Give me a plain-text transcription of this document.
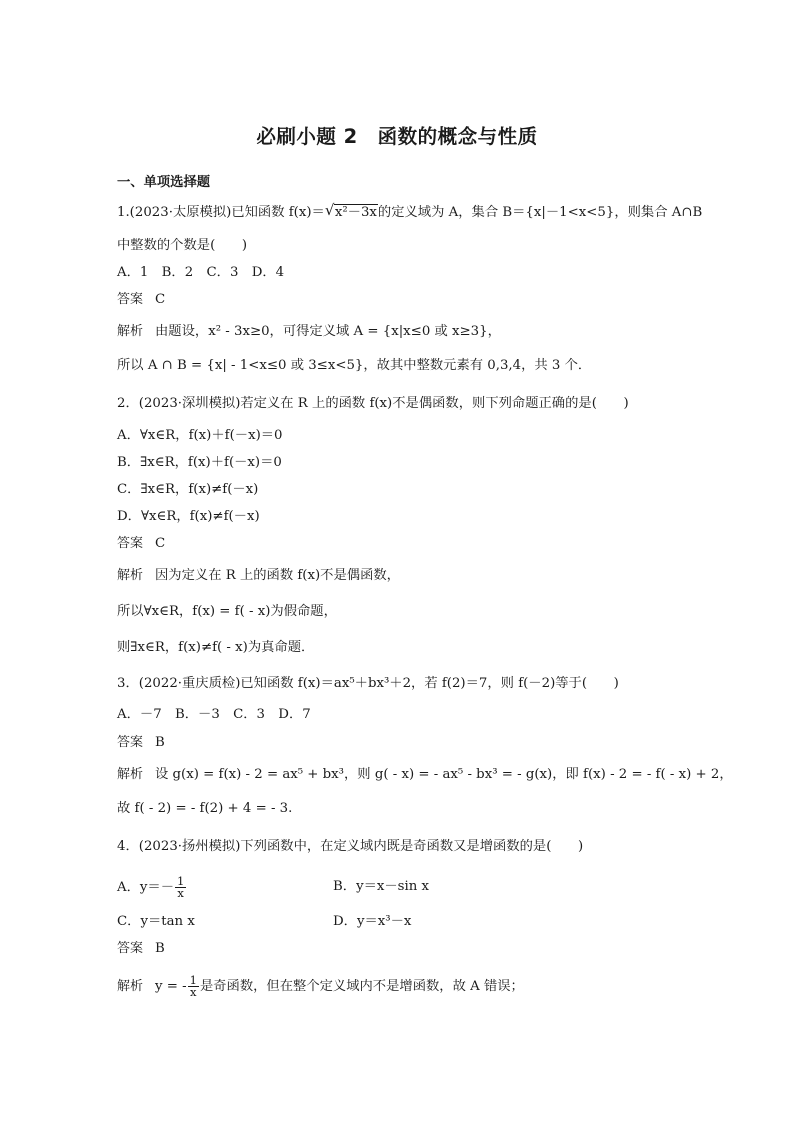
必刷小题 2　函数的概念与性质
一、单项选择题
1.(2023·太原模拟)已知函数 f(x)＝ √ x²－3x的定义域为 A，集合 B＝{x|－1<x<5}，则集合 A∩B
中整数的个数是(　　)
A．1　B．2　C．3　D．4
答案 C
解析 由题设，x² - 3x≥0，可得定义域 A = {x|x≤0 或 x≥3}，
所以 A ∩ B = {x| - 1<x≤0 或 3≤x<5}，故其中整数元素有 0,3,4，共 3 个．
2．(2023·深圳模拟)若定义在 R 上的函数 f(x)不是偶函数，则下列命题正确的是(　　)
A．∀x∈R，f(x)＋f(－x)＝0
B．∃x∈R，f(x)＋f(－x)＝0
C．∃x∈R，f(x)≠f(－x)
D．∀x∈R，f(x)≠f(－x)
答案 C
解析 因为定义在 R 上的函数 f(x)不是偶函数，
所以∀x∈R，f(x) = f( - x)为假命题，
则∃x∈R，f(x)≠f( - x)为真命题．
3．(2022·重庆质检)已知函数 f(x)＝ax⁵＋bx³＋2，若 f(2)＝7，则 f(－2)等于(　　)
A．－7　B．－3　C．3　D．7
答案 B
解析 设 g(x) = f(x) - 2 = ax⁵ + bx³，则 g( - x) = - ax⁵ - bx³ = - g(x)，即 f(x) - 2 = - f( - x) + 2，
故 f( - 2) = - f(2) + 4 = - 3.
4．(2023·扬州模拟)下列函数中，在定义域内既是奇函数又是增函数的是(　　)
A．$y=- \frac{1}{x}$	B．y＝x－sin x
C．y＝tan x	D．y＝x³－x
答案 B
解析 y = - $\frac{1}{x}$ 是奇函数，但在整个定义域内不是增函数，故 A 错误；
